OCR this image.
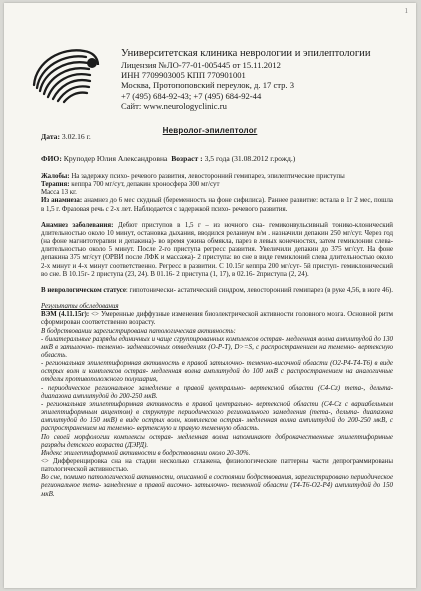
1
Университетская клиника неврологии и эпилептологии
Лицензия №ЛО-77-01-005445 от 15.11.2012
ИНН 7709903005 КПП 770901001
Москва, Протопоповский переулок, д. 17 стр. 3
+7 (495) 684-92-43; +7 (495) 684-92-44
Сайт: www.neurologyclinic.ru
Невролог-эпилептолог
Дата: 3.02.16 г.
ФИО: Круподер Юлия Александровна Возраст : 3,5 года (31.08.2012 г.рожд.)

Жалобы: На задержку психо- речевого развития, левосторонний гемипарез, эпилептические приступы

Терапия: кеппра 700 мг/сут, депакин хроносфера 300 мг/сут

Масса 13 кг.

Из анамнеза: анамнез до 6 мес скудный (беременность на фоне сифилиса). Раннее развитие: встала в 1г 2 мес, пошла в 1,5 г. Фразовая речь с 2-х лет. Наблюдается с задержкой психо- речевого развития.

Анамнез заболевания: Дебют приступов в 1,5 г – из ночного сна- гемиконвульсивный тонико-клонический длительностью около 10 минут, остановка дыхания, вводился реланиум в/м . назначили депакин 250 мг/сут. Через год (на фоне магнитотерапии и депакина)- во время ужина обмякла, парез в левых конечностях, затем гемиклонии слева- длительностью около 5 минут. После 2-го приступа регресс развития. Увеличили депакин до 375 мг/сут. На фоне депакина 375 мг/сут (ОРВИ после ЛФК и массажа)- 2 приступа: во сне в виде гемиклоний слева длительностью около 2-х минут и 4-х минут соответственно. Регресс в развитии. С 10.15г кеппра 200 мг/сут- 5й приступ- гемиклонический во сне. В 10.15г- 2 приступа (23, 24). В 01.16- 2 приступа (1, 17), в 02.16- 2приступа (2, 24).

В неврологическом статусе: гипотонически- астатический синдром, левосторонний гемипарез (в руке 4,56, в ноге 46).

Результаты обследования

ВЭМ (4.11.15г): <> Умеренные диффузные изменения биоэлектрической активности головного мозга. Основной ритм сформирован соответственно возрасту.

В бодрствовании зарегистрирована патологическая активность:

- билатеральные разряды единичных и чаще сгруппированных комплексов острая- медленная волна амплитудой до 130 мкВ в затылочно- теменно- задневисочных отведениях (O-P-T), D>=S, с распространением на теменно- вертексную область.

- региональная эпилептиформная активность в правой затылочно- теменно-височной области (O2-P4-T4-T6) в виде острых волн и комплексов острая- медленная волна амплитудой до 100 мкВ с распространением на аналогичные отделы противоположного полушария,

- периодическое региональное замедление в правой центрально- вертексной области (C4-Cz) тета-, дельта- диапазона амплитудой до 200-250 мкВ.

- региональная эпилептиформная активность в правой центрально- вертексной области (C4-Cz с вариабельным эпилептиформным акцентом) в структуре периодического регионального замедления (тета-, дельта- диапазона амплитудой до 150 мкВ) в виде острых волн, комплексов острая- медленная волна амплитудой до 200-250 мкВ, с распространением на теменно- вертексную и правую теменную область.

По своей морфологии комплексы острая- медленная волна напоминают доброкачественные эпилептиформные разряды детского возраста (ДЭРД).

Индекс эпилептиформной активности в бодрствовании около 20-30%.

<> Дифференцировка сна на стадии несколько сглажена, физиологические паттерны части депрограммированы патологической активностью.

Во сне, помимо патологической активности, описанной в состоянии бодрствования, зарегистрировано периодическое региональное тета- замедление в правой височно- затылочно- теменной области (T4-T6-O2-P4) амплитудой до 150 мкВ.
